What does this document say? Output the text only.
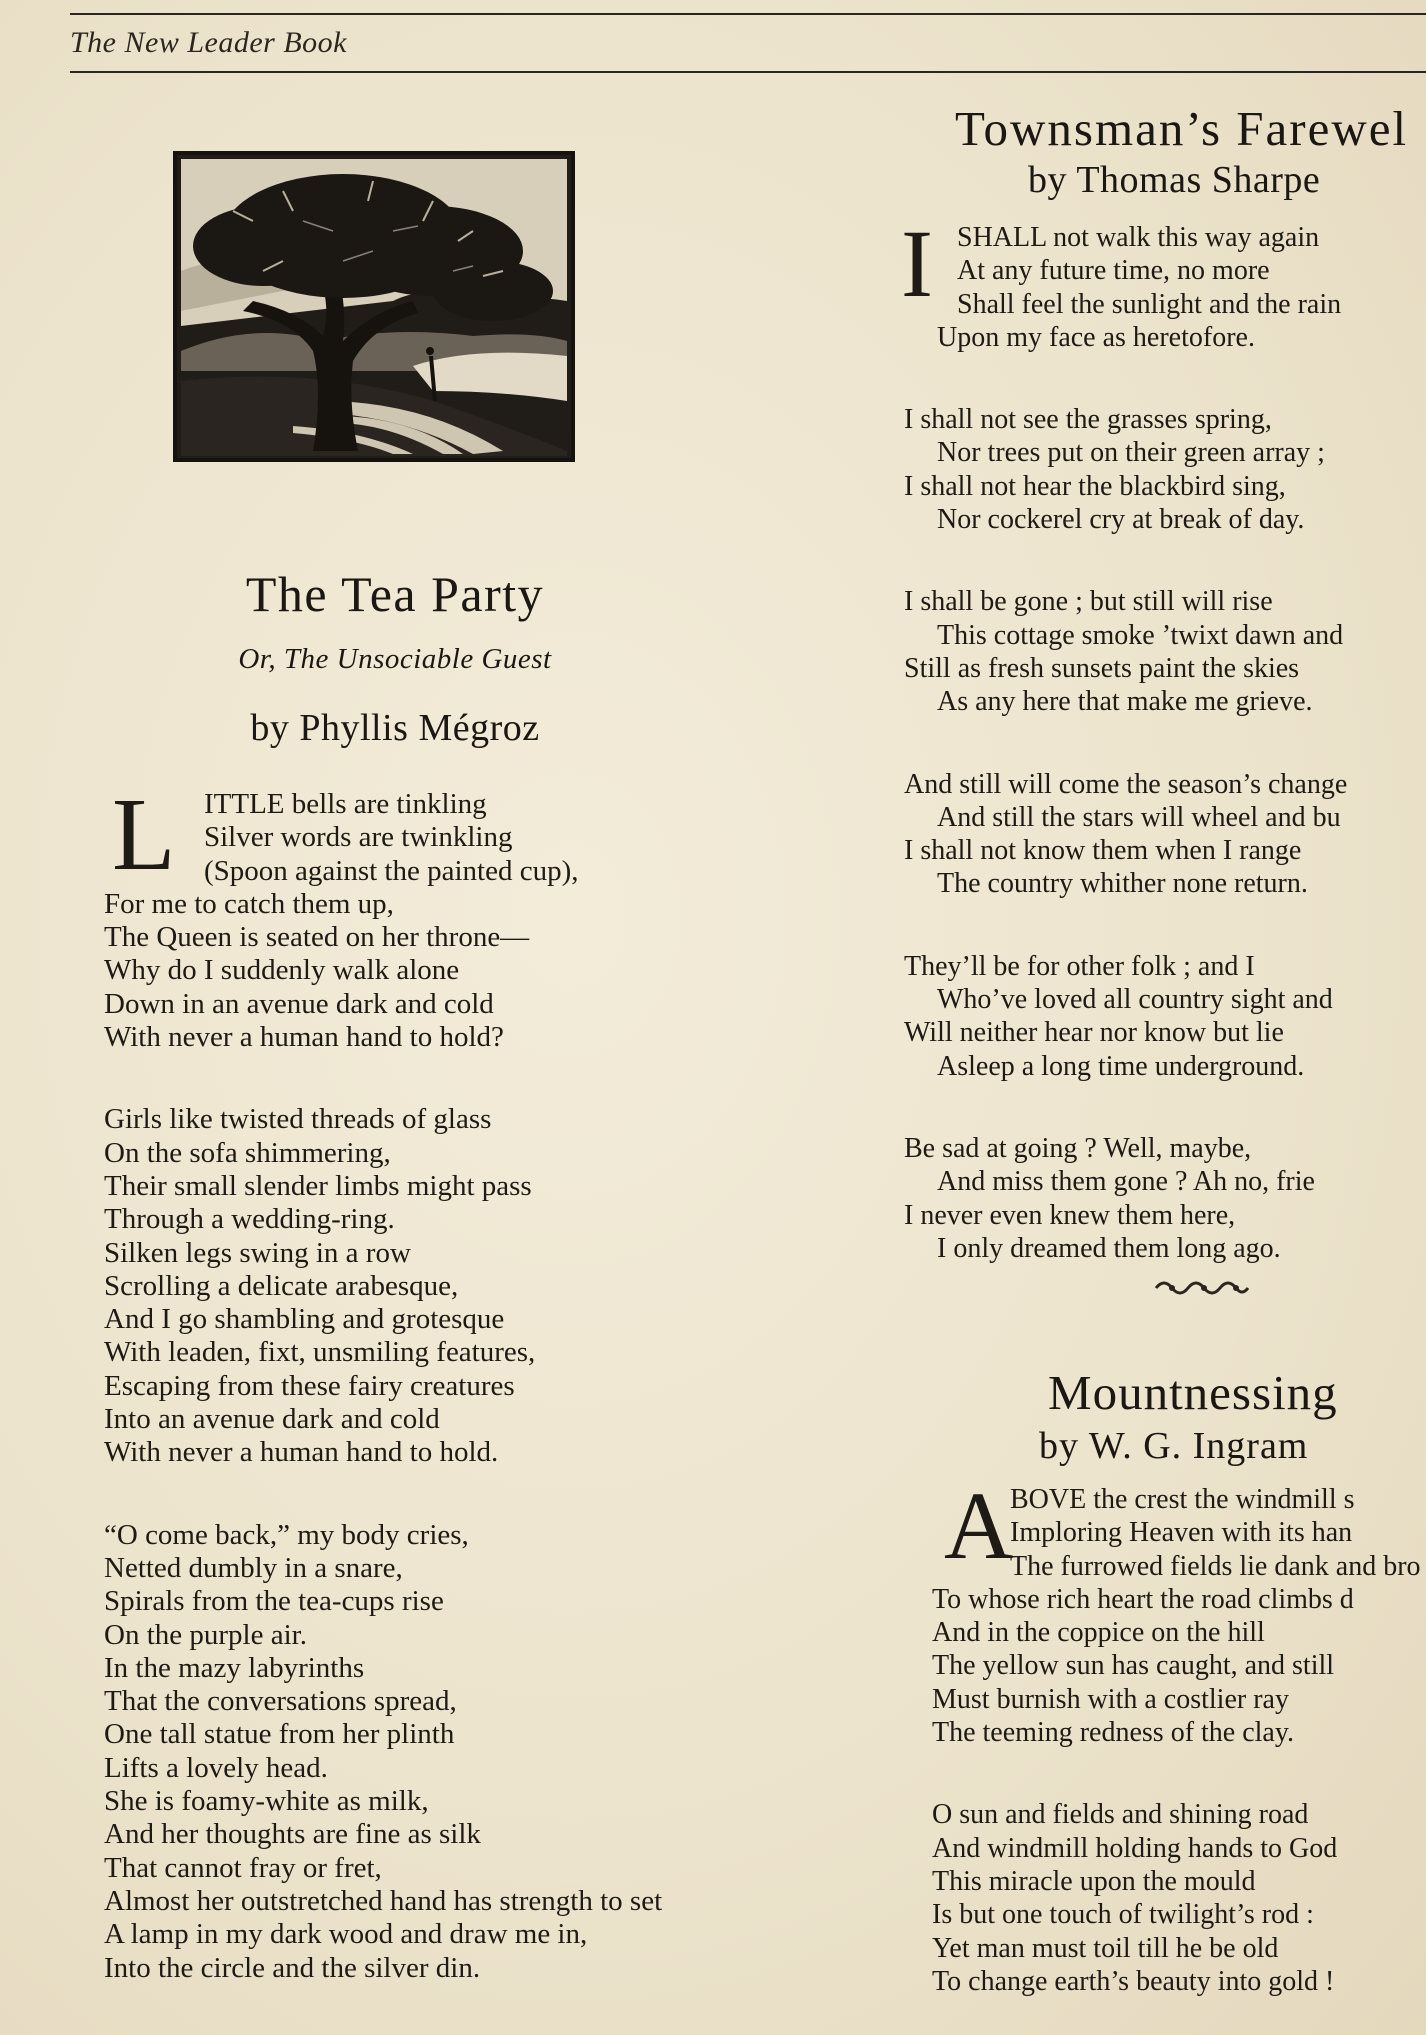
The New Leader Book
The Tea Party
Or, The Unsociable Guest
by Phyllis Mégroz
L ITTLE bells are tinkling
Silver words are twinkling
(Spoon against the painted cup),
For me to catch them up,
The Queen is seated on her throne—
Why do I suddenly walk alone
Down in an avenue dark and cold
With never a human hand to hold?
Girls like twisted threads of glass
On the sofa shimmering,
Their small slender limbs might pass
Through a wedding-ring.
Silken legs swing in a row
Scrolling a delicate arabesque,
And I go shambling and grotesque
With leaden, fixt, unsmiling features,
Escaping from these fairy creatures
Into an avenue dark and cold
With never a human hand to hold.
“O come back,” my body cries,
Netted dumbly in a snare,
Spirals from the tea-cups rise
On the purple air.
In the mazy labyrinths
That the conversations spread,
One tall statue from her plinth
Lifts a lovely head.
She is foamy-white as milk,
And her thoughts are fine as silk
That cannot fray or fret,
Almost her outstretched hand has strength to set
A lamp in my dark wood and draw me in,
Into the circle and the silver din.
Townsman’s Farewel
by Thomas Sharpe
I SHALL not walk this way again
At any future time, no more
Shall feel the sunlight and the rain
Upon my face as heretofore.
I shall not see the grasses spring,
Nor trees put on their green array ;
I shall not hear the blackbird sing,
Nor cockerel cry at break of day.
I shall be gone ; but still will rise
This cottage smoke ’twixt dawn and
Still as fresh sunsets paint the skies
As any here that make me grieve.
And still will come the season’s change
And still the stars will wheel and bu
I shall not know them when I range
The country whither none return.
They’ll be for other folk ; and I
Who’ve loved all country sight and
Will neither hear nor know but lie
Asleep a long time underground.
Be sad at going ? Well, maybe,
And miss them gone ? Ah no, frie
I never even knew them here,
I only dreamed them long ago.
Mountnessing
by W. G. Ingram
A
BOVE the crest the windmill s
Imploring Heaven with its han
The furrowed fields lie dank and bro
To whose rich heart the road climbs d
And in the coppice on the hill
The yellow sun has caught, and still
Must burnish with a costlier ray
The teeming redness of the clay.
O sun and fields and shining road
And windmill holding hands to God
This miracle upon the mould
Is but one touch of twilight’s rod :
Yet man must toil till he be old
To change earth’s beauty into gold !
